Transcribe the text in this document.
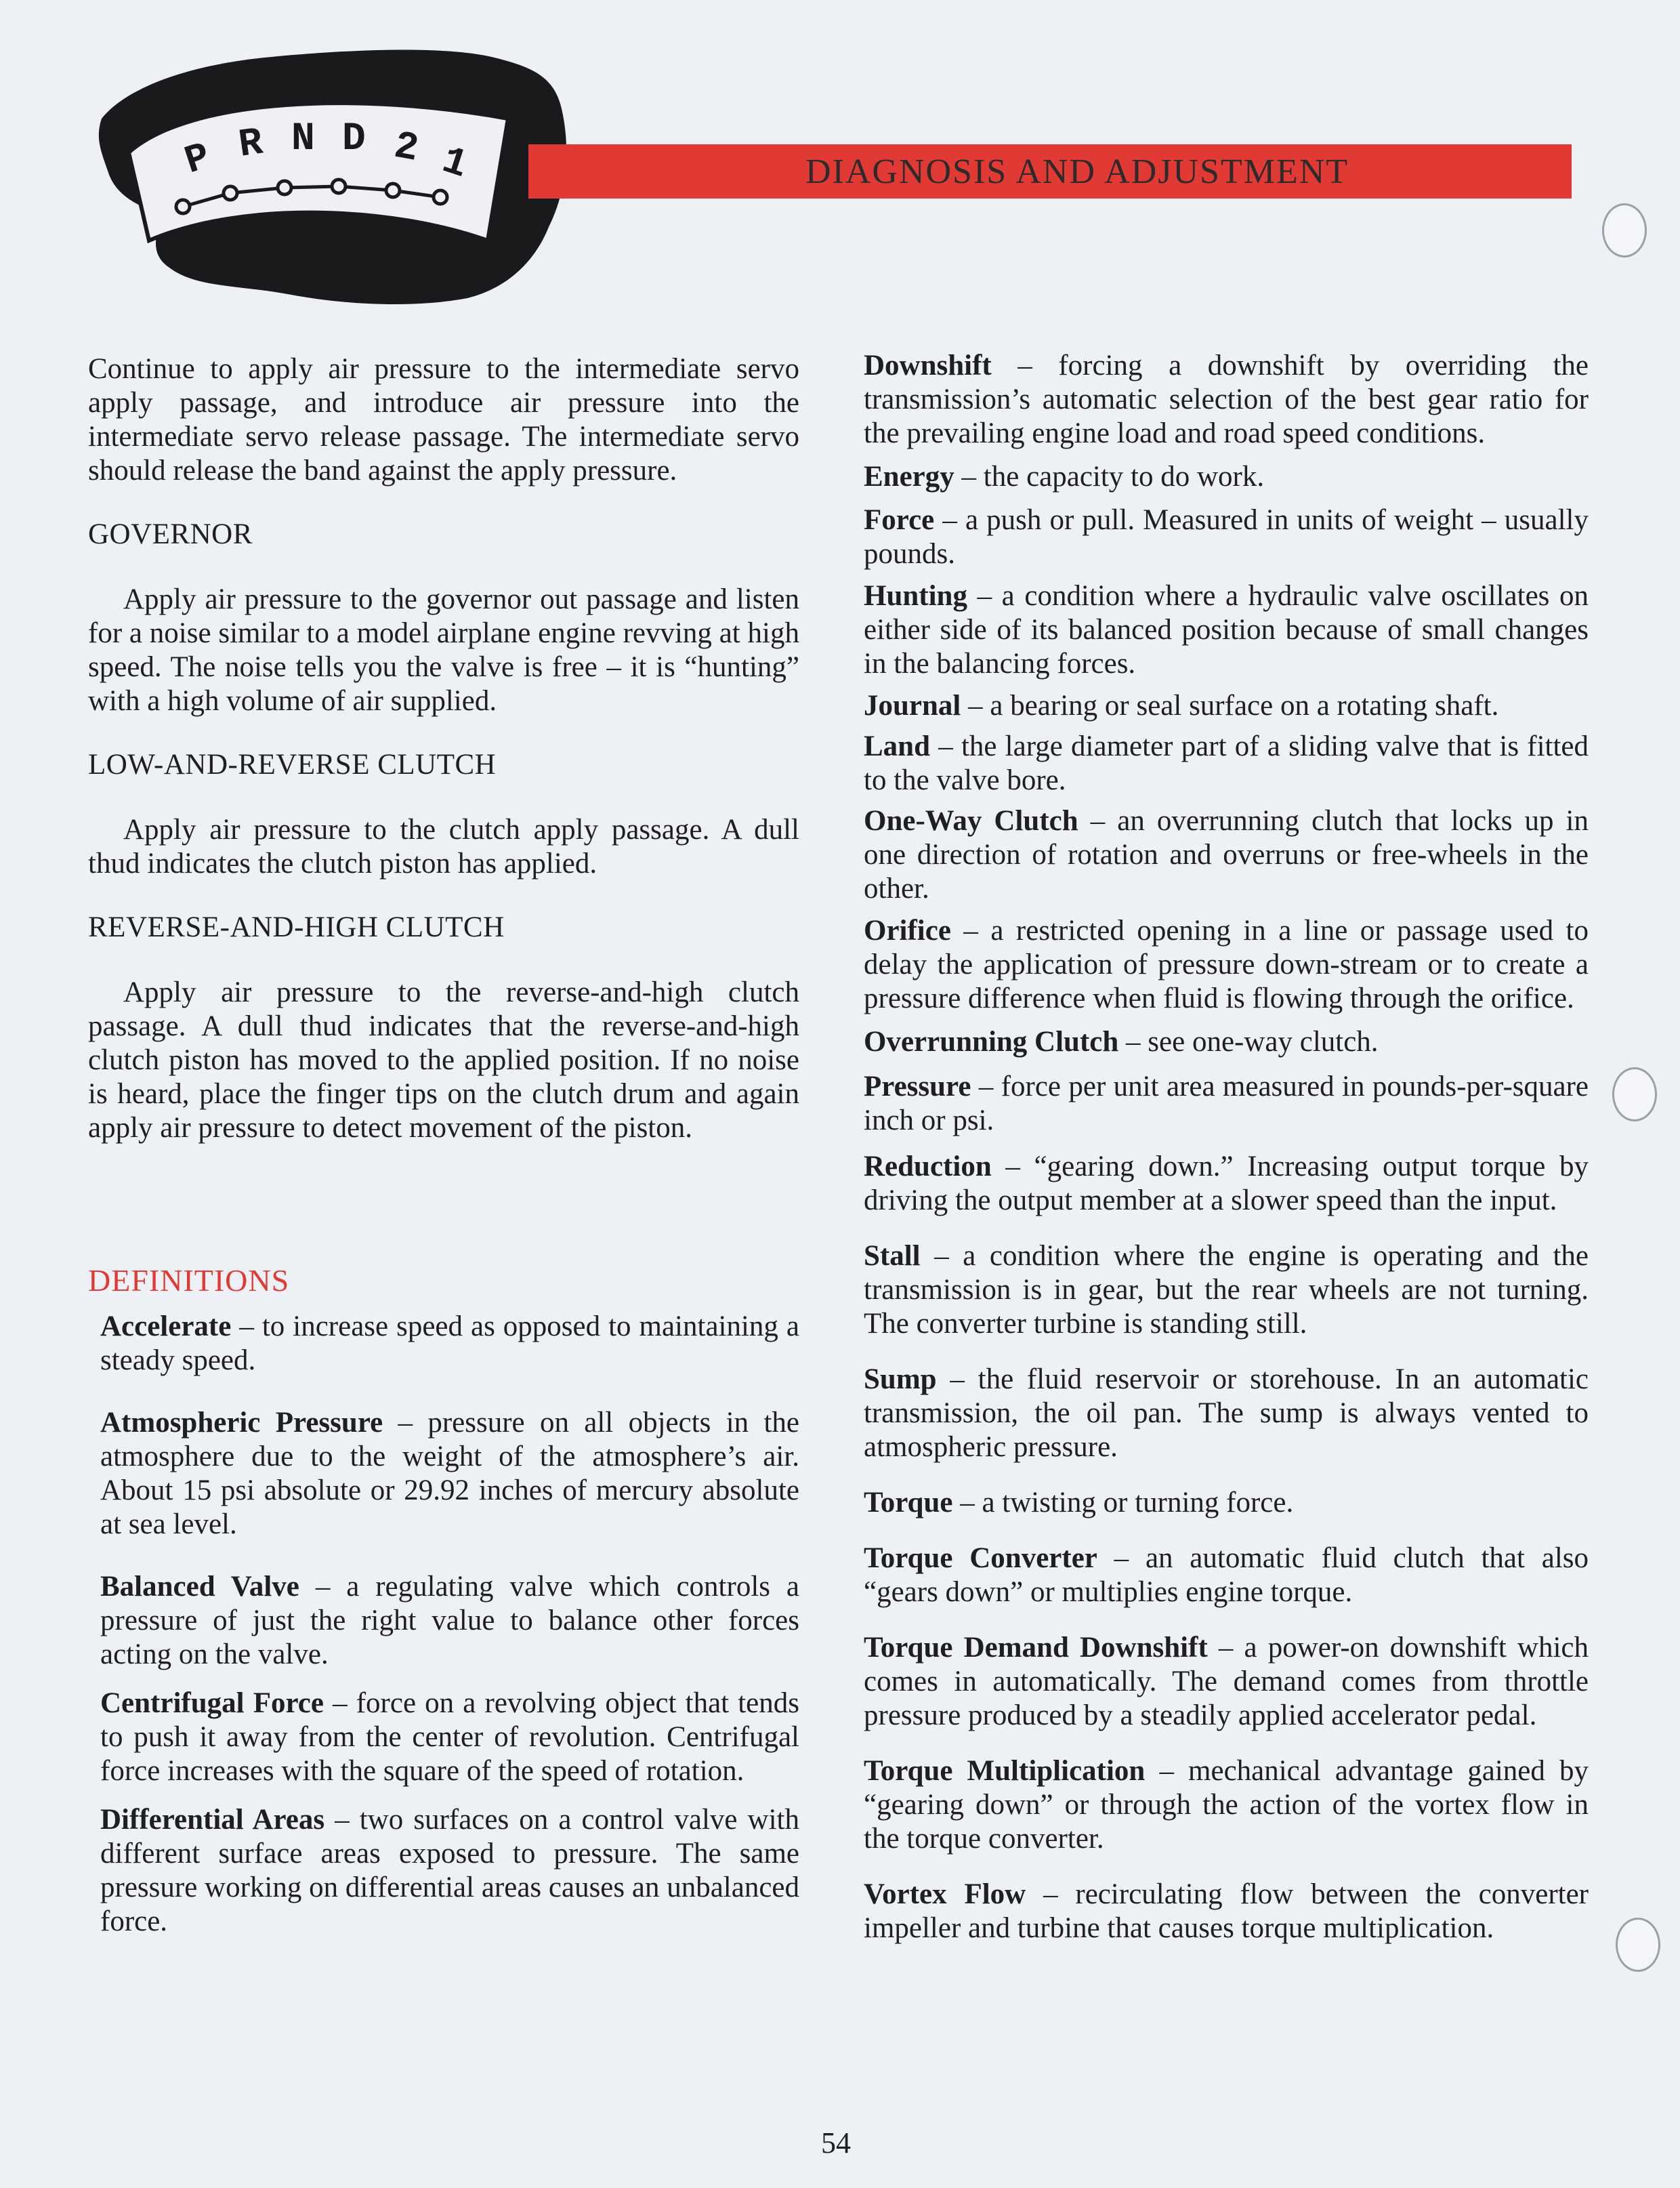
P R N D 2 1	DIAGNOSIS AND ADJUSTMENT

Continue to apply air pressure to the intermediate servo apply passage, and introduce air pressure into the intermediate servo release passage. The intermediate servo should release the band against the apply pressure.

GOVERNOR

Apply air pressure to the governor out passage and listen for a noise similar to a model airplane engine revving at high speed. The noise tells you the valve is free – it is “hunting” with a high volume of air supplied.

LOW-AND-REVERSE CLUTCH

Apply air pressure to the clutch apply passage. A dull thud indicates the clutch piston has applied.

REVERSE-AND-HIGH CLUTCH

Apply air pressure to the reverse-and-high clutch passage. A dull thud indicates that the reverse-and-high clutch piston has moved to the applied position. If no noise is heard, place the finger tips on the clutch drum and again apply air pressure to detect movement of the piston.

DEFINITIONS

Accelerate – to increase speed as opposed to maintaining a steady speed.

Atmospheric Pressure – pressure on all objects in the atmosphere due to the weight of the atmosphere’s air. About 15 psi absolute or 29.92 inches of mercury absolute at sea level.

Balanced Valve – a regulating valve which controls a pressure of just the right value to balance other forces acting on the valve.

Centrifugal Force – force on a revolving object that tends to push it away from the center of revolution. Centrifugal force increases with the square of the speed of rotation.

Differential Areas – two surfaces on a control valve with different surface areas exposed to pressure. The same pressure working on differential areas causes an unbalanced force.

Downshift – forcing a downshift by overriding the transmission’s automatic selection of the best gear ratio for the prevailing engine load and road speed conditions.

Energy – the capacity to do work.

Force – a push or pull. Measured in units of weight – usually pounds.

Hunting – a condition where a hydraulic valve oscillates on either side of its balanced position because of small changes in the balancing forces.

Journal – a bearing or seal surface on a rotating shaft.

Land – the large diameter part of a sliding valve that is fitted to the valve bore.

One-Way Clutch – an overrunning clutch that locks up in one direction of rotation and overruns or free-wheels in the other.

Orifice – a restricted opening in a line or passage used to delay the application of pressure down-stream or to create a pressure difference when fluid is flowing through the orifice.

Overrunning Clutch – see one-way clutch.

Pressure – force per unit area measured in pounds-per-square inch or psi.

Reduction – “gearing down.” Increasing output torque by driving the output member at a slower speed than the input.

Stall – a condition where the engine is operating and the transmission is in gear, but the rear wheels are not turning. The converter turbine is standing still.

Sump – the fluid reservoir or storehouse. In an automatic transmission, the oil pan. The sump is always vented to atmospheric pressure.

Torque – a twisting or turning force.

Torque Converter – an automatic fluid clutch that also “gears down” or multiplies engine torque.

Torque Demand Downshift – a power-on downshift which comes in automatically. The demand comes from throttle pressure produced by a steadily applied accelerator pedal.

Torque Multiplication – mechanical advantage gained by “gearing down” or through the action of the vortex flow in the torque converter.

Vortex Flow – recirculating flow between the converter impeller and turbine that causes torque multiplication.

54
